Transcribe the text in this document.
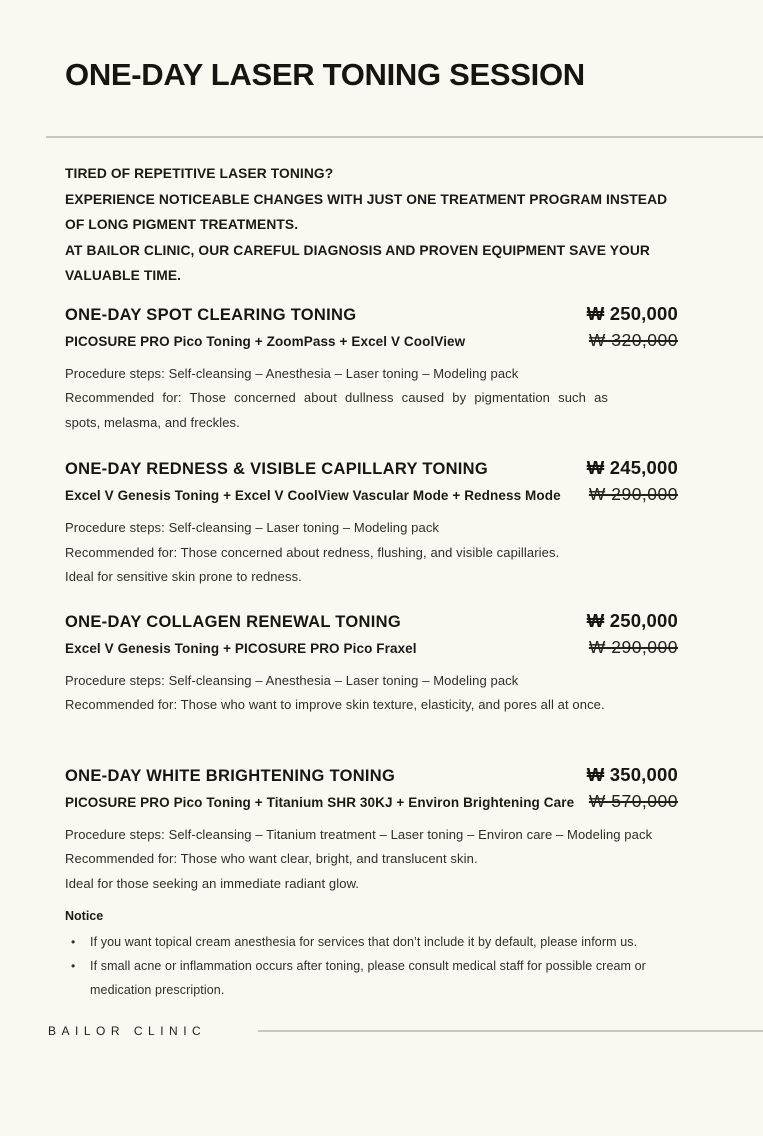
ONE-DAY LASER TONING SESSION
TIRED OF REPETITIVE LASER TONING?
EXPERIENCE NOTICEABLE CHANGES WITH JUST ONE TREATMENT PROGRAM INSTEAD
OF LONG PIGMENT TREATMENTS.
AT BAILOR CLINIC, OUR CAREFUL DIAGNOSIS AND PROVEN EQUIPMENT SAVE YOUR
VALUABLE TIME.
ONE-DAY SPOT CLEARING TONING	₩ 250,000
PICOSURE PRO Pico Toning + ZoomPass + Excel V CoolView	₩ 320,000
Procedure steps: Self-cleansing – Anesthesia – Laser toning – Modeling pack
Recommended for: Those concerned about dullness caused by pigmentation such as
spots, melasma, and freckles.
ONE-DAY REDNESS & VISIBLE CAPILLARY TONING	₩ 245,000
Excel V Genesis Toning + Excel V CoolView Vascular Mode + Redness Mode ₩ 290,000
Procedure steps: Self-cleansing – Laser toning – Modeling pack
Recommended for: Those concerned about redness, flushing, and visible capillaries.
Ideal for sensitive skin prone to redness.
ONE-DAY COLLAGEN RENEWAL TONING	₩ 250,000
Excel V Genesis Toning + PICOSURE PRO Pico Fraxel	₩ 290,000
Procedure steps: Self-cleansing – Anesthesia – Laser toning – Modeling pack
Recommended for: Those who want to improve skin texture, elasticity, and pores all at once.
ONE-DAY WHITE BRIGHTENING TONING	₩ 350,000
PICOSURE PRO Pico Toning + Titanium SHR 30KJ + Environ Brightening Care ₩ 570,000
Procedure steps: Self-cleansing – Titanium treatment – Laser toning – Environ care – Modeling pack
Recommended for: Those who want clear, bright, and translucent skin.
Ideal for those seeking an immediate radiant glow.
Notice
•	If you want topical cream anesthesia for services that don’t include it by default, please inform us.
•	If small acne or inflammation occurs after toning, please consult medical staff for possible cream or
medication prescription.
BAILOR CLINIC
